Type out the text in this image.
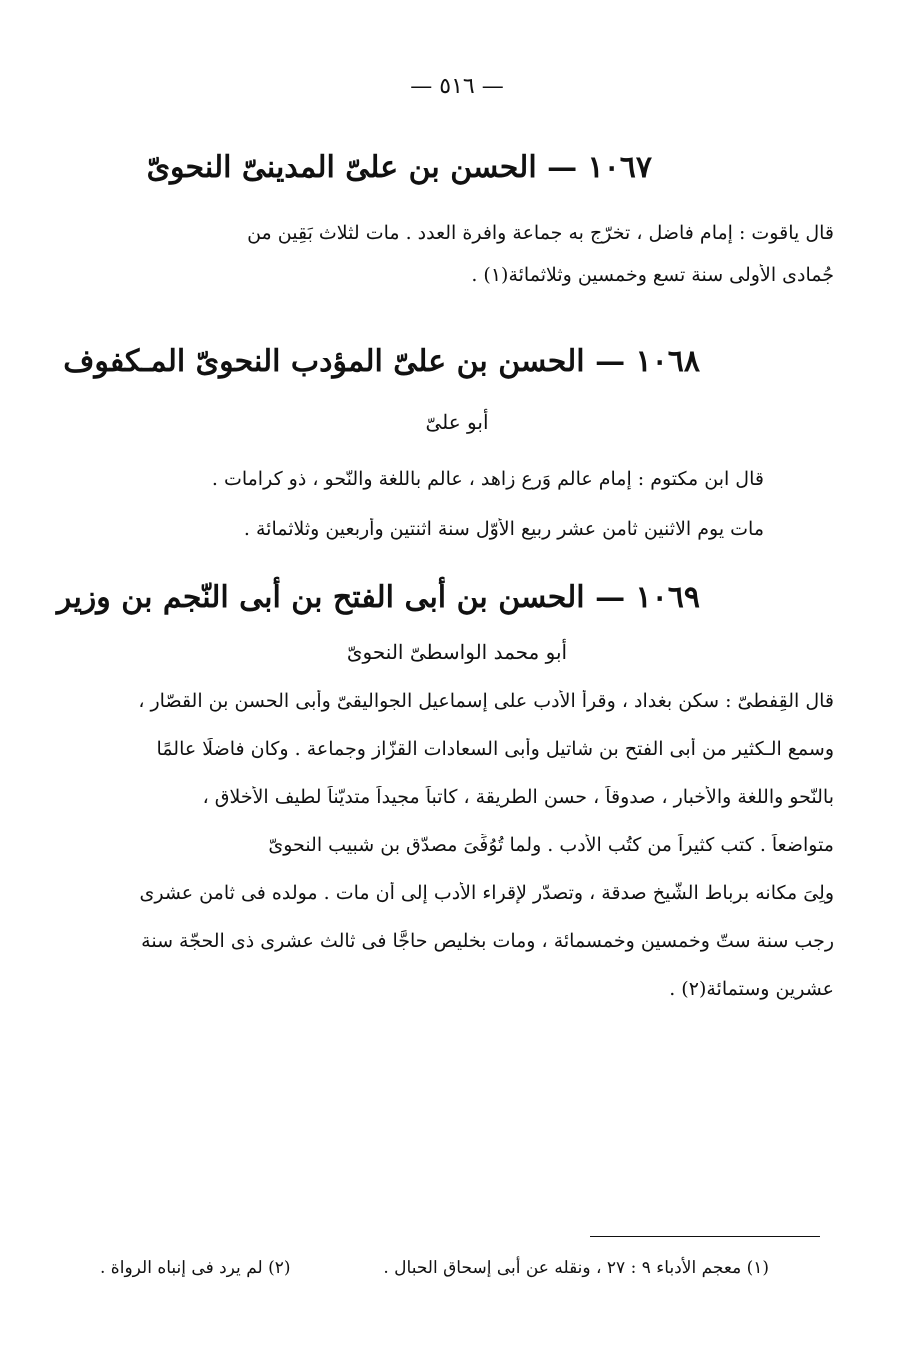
— ٥١٦ —
١٠٦٧ — الحسن بن علىّ المدينىّ النحوىّ
قال ياقوت : إمام فاضل ، تخرّج به جماعة وافرة العدد . مات لثلاث بَقِين من
جُمادى الأولى سنة تسع وخمسين وثلاثمائة(١) .
١٠٦٨ — الحسن بن علىّ المؤدب النحوىّ المـكفوف
أبو علىّ
قال ابن مكتوم : إمام عالم وَرِع زاهد ، عالم باللغة والنّحو ، ذو كرامات .
مات يوم الاثنين ثامن عشر ربيع الأوّل سنة اثنتين وأربعين وثلاثمائة .
١٠٦٩ — الحسن بن أبى الفتح بن أبى النّجم بن وزير
أبو محمد الواسطىّ النحوىّ
قال القِفطىّ : سكن بغداد ، وقرأ الأدب على إسماعيل الجواليقىّ وأبى الحسن بن القصّار ،
وسمع الـكثير من أبى الفتح بن شاتيل وأبى السعادات القزّاز وجماعة . وكان فاضلًا عالمًا
بالنّحو واللغة والأخبار ، صدوقاً ، حسن الطريقة ، كاتباً مجيداً متديّناً لطيف الأخلاق ،
متواضعاً . كتب كثيراً من كتُب الأدب . ولما تُوُفِّىَ مصدّق بن شبيب النحوىّ
ولِىَ مكانه برباط الشّيخ صدقة ، وتصدّر لإقراء الأدب إلى أن مات . مولده فى ثامن عشرى
رجب سنة ستّ وخمسين وخمسمائة ، ومات بخليص حاجًّا فى ثالث عشرى ذى الحجّة سنة
عشرين وستمائة(٢) .
(١) معجم الأدباء ٩ : ٢٧ ، ونقله عن أبى إسحاق الحبال .
(٢) لم يرد فى إنباه الرواة .
